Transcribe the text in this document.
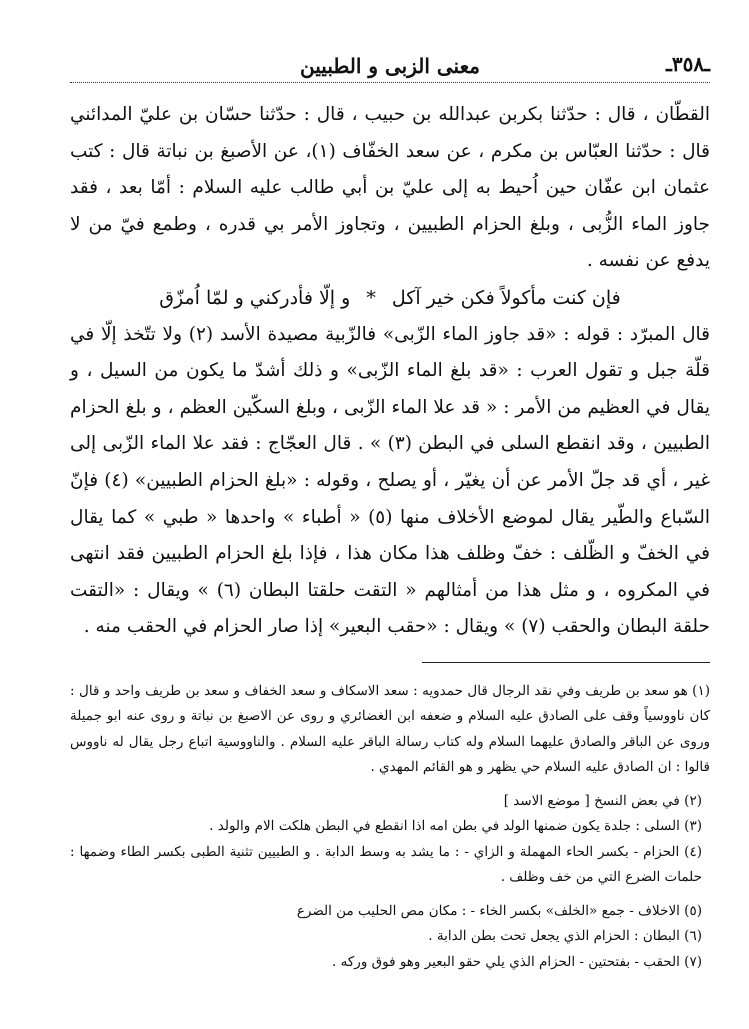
ـ٣٥٨ـ
معنى الزبى و الطبيين

القطّان ، قال : حدّثنا بكربن عبدالله بن حبيب ، قال : حدّثنا حسّان بن عليّ المدائني قال : حدّثنا العبّاس بن مكرم ، عن سعد الخفّاف (١)، عن الأصبغ بن نباتة قال : كتب عثمان ابن عفّان حين اُحيط به إلى عليّ بن أبي طالب عليه السلام : أمّا بعد ، فقد جاوز الماء الزُّبى ، وبلغ الحزام الطبيين ، وتجاوز الأمر بي قدره ، وطمع فيّ من لا يدفع عن نفسه .

فإن كنت مأكولاً فكن خير آكل * و إلّا فأدركني و لمّا اُمزّق

قال المبرّد : قوله : «قد جاوز الماء الزّبى» فالزّبية مصيدة الأسد (٢) ولا تتّخذ إلّا في قلّة جبل و تقول العرب : «قد بلغ الماء الزّبى» و ذلك أشدّ ما يكون من السيل ، و يقال في العظيم من الأمر : « قد علا الماء الزّبى ، وبلغ السكّين العظم ، و بلغ الحزام الطبيين ، وقد انقطع السلى في البطن (٣) » . قال العجّاج : فقد علا الماء الزّبى إلى غير ، أي قد جلّ الأمر عن أن يغيّر ، أو يصلح ، وقوله : «بلغ الحزام الطبيين» (٤) فإنّ السّباع والطّير يقال لموضع الأخلاف منها (٥) « أطباء » واحدها « طبي » كما يقال في الخفّ و الظّلف : خفّ وظلف هذا مكان هذا ، فإذا بلغ الحزام الطبيين فقد انتهى في المكروه ، و مثل هذا من أمثالهم « التقت حلقتا البطان (٦) » ويقال : «التقت حلقة البطان والحقب (٧) » ويقال : «حقب البعير» إذا صار الحزام في الحقب منه .

(١) هو سعد بن طريف وفي نقد الرجال قال حمدويه : سعد الاسكاف و سعد الخفاف و سعد بن طريف واحد و قال : كان ناووسياً وقف على الصادق عليه السلام و ضعفه ابن الغضائري و روى عن الاصبغ بن نباتة و روى عنه ابو جميلة وروى عن الباقر والصادق عليهما السلام وله كتاب رسالة الباقر عليه السلام . والناووسية اتباع رجل يقال له ناووس قالوا : ان الصادق عليه السلام حي يظهر و هو القائم المهدي .

(٢) في بعض النسخ [ موضع الاسد ]

(٣) السلى : جلدة يكون ضمنها الولد في بطن امه اذا انقطع في البطن هلكت الام والولد .

(٤) الحزام - بكسر الحاء المهملة و الزاي - : ما يشد به وسط الدابة . و الطبيين تثنية الطبى بكسر الطاء وضمها : حلمات الضرع التي من خف وظلف .

(٥) الاخلاف - جمع «الخلف» بكسر الخاء - : مكان مص الحليب من الضرع

(٦) البطان : الحزام الذي يجعل تحت بطن الدابة .

(٧) الحقب - بفتحتين - الحزام الذي يلي حقو البعير وهو فوق وركه .
